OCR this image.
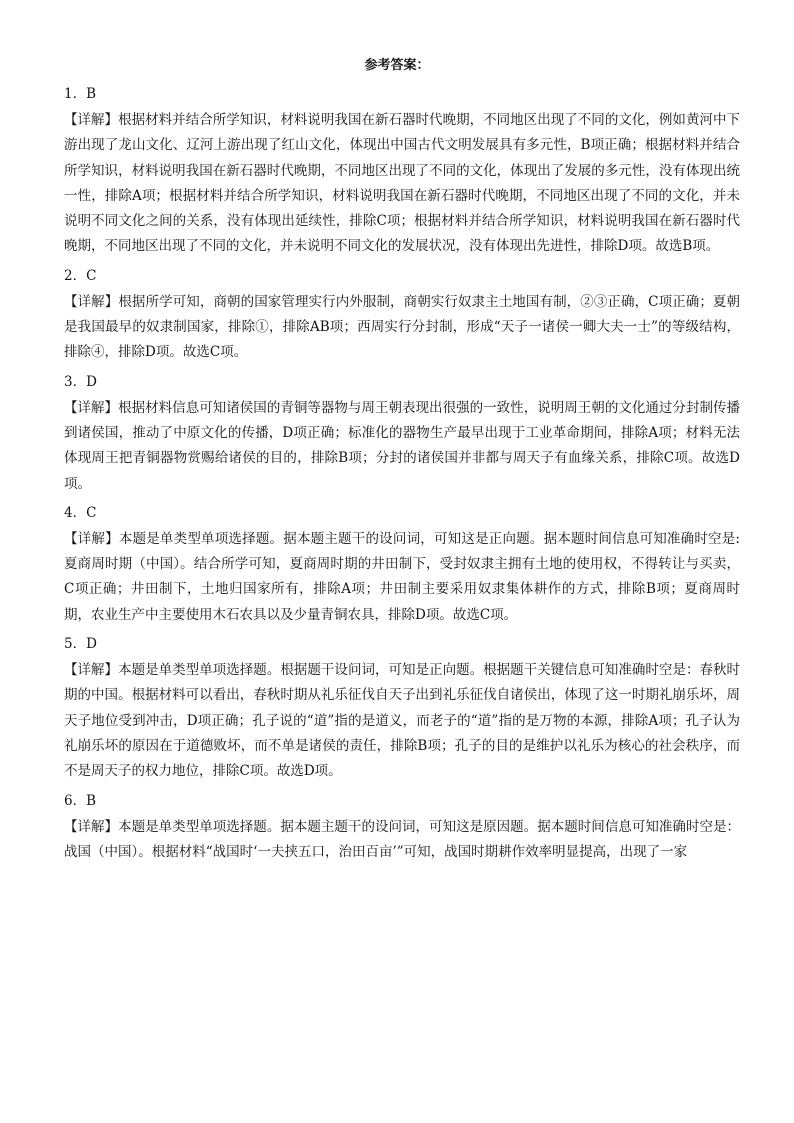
参考答案：
1．B

【详解】根据材料并结合所学知识，材料说明我国在新石器时代晚期，不同地区出现了不同的文化，例如黄河中下游出现了龙山文化、辽河上游出现了红山文化，体现出中国古代文明发展具有多元性，B项正确；根据材料并结合所学知识，材料说明我国在新石器时代晚期，不同地区出现了不同的文化，体现出了发展的多元性，没有体现出统一性，排除A项；根据材料并结合所学知识，材料说明我国在新石器时代晚期，不同地区出现了不同的文化，并未说明不同文化之间的关系，没有体现出延续性，排除C项；根据材料并结合所学知识，材料说明我国在新石器时代晚期，不同地区出现了不同的文化，并未说明不同文化的发展状况，没有体现出先进性，排除D项。故选B项。

2．C

【详解】根据所学可知，商朝的国家管理实行内外服制，商朝实行奴隶主土地国有制，②③正确，C项正确；夏朝是我国最早的奴隶制国家，排除①，排除AB项；西周实行分封制，形成“天子一诸侯一卿大夫一士”的等级结构，排除④，排除D项。故选C项。

3．D

【详解】根据材料信息可知诸侯国的青铜等器物与周王朝表现出很强的一致性，说明周王朝的文化通过分封制传播到诸侯国，推动了中原文化的传播，D项正确；标准化的器物生产最早出现于工业革命期间，排除A项；材料无法体现周王把青铜器物赏赐给诸侯的目的，排除B项；分封的诸侯国并非都与周天子有血缘关系，排除C项。故选D项。

4．C

【详解】本题是单类型单项选择题。据本题主题干的设问词，可知这是正向题。据本题时间信息可知准确时空是: 夏商周时期（中国）。结合所学可知，夏商周时期的井田制下，受封奴隶主拥有土地的使用权，不得转让与买卖，C项正确；井田制下，土地归国家所有，排除A项；井田制主要采用奴隶集体耕作的方式，排除B项；夏商周时期，农业生产中主要使用木石农具以及少量青铜农具，排除D项。故选C项。

5．D

【详解】本题是单类型单项选择题。根据题干设问词，可知是正向题。根据题干关键信息可知准确时空是：春秋时期的中国。根据材料可以看出，春秋时期从礼乐征伐自天子出到礼乐征伐自诸侯出，体现了这一时期礼崩乐坏，周天子地位受到冲击，D项正确；孔子说的“道”指的是道义，而老子的“道”指的是万物的本源，排除A项；孔子认为礼崩乐坏的原因在于道德败坏，而不单是诸侯的责任，排除B项；孔子的目的是维护以礼乐为核心的社会秩序，而不是周天子的权力地位，排除C项。故选D项。

6．B

【详解】本题是单类型单项选择题。据本题主题干的设问词，可知这是原因题。据本题时间信息可知准确时空是：战国（中国）。根据材料“战国时‘一夫挟五口，治田百亩’”可知，战国时期耕作效率明显提高，出现了一家
